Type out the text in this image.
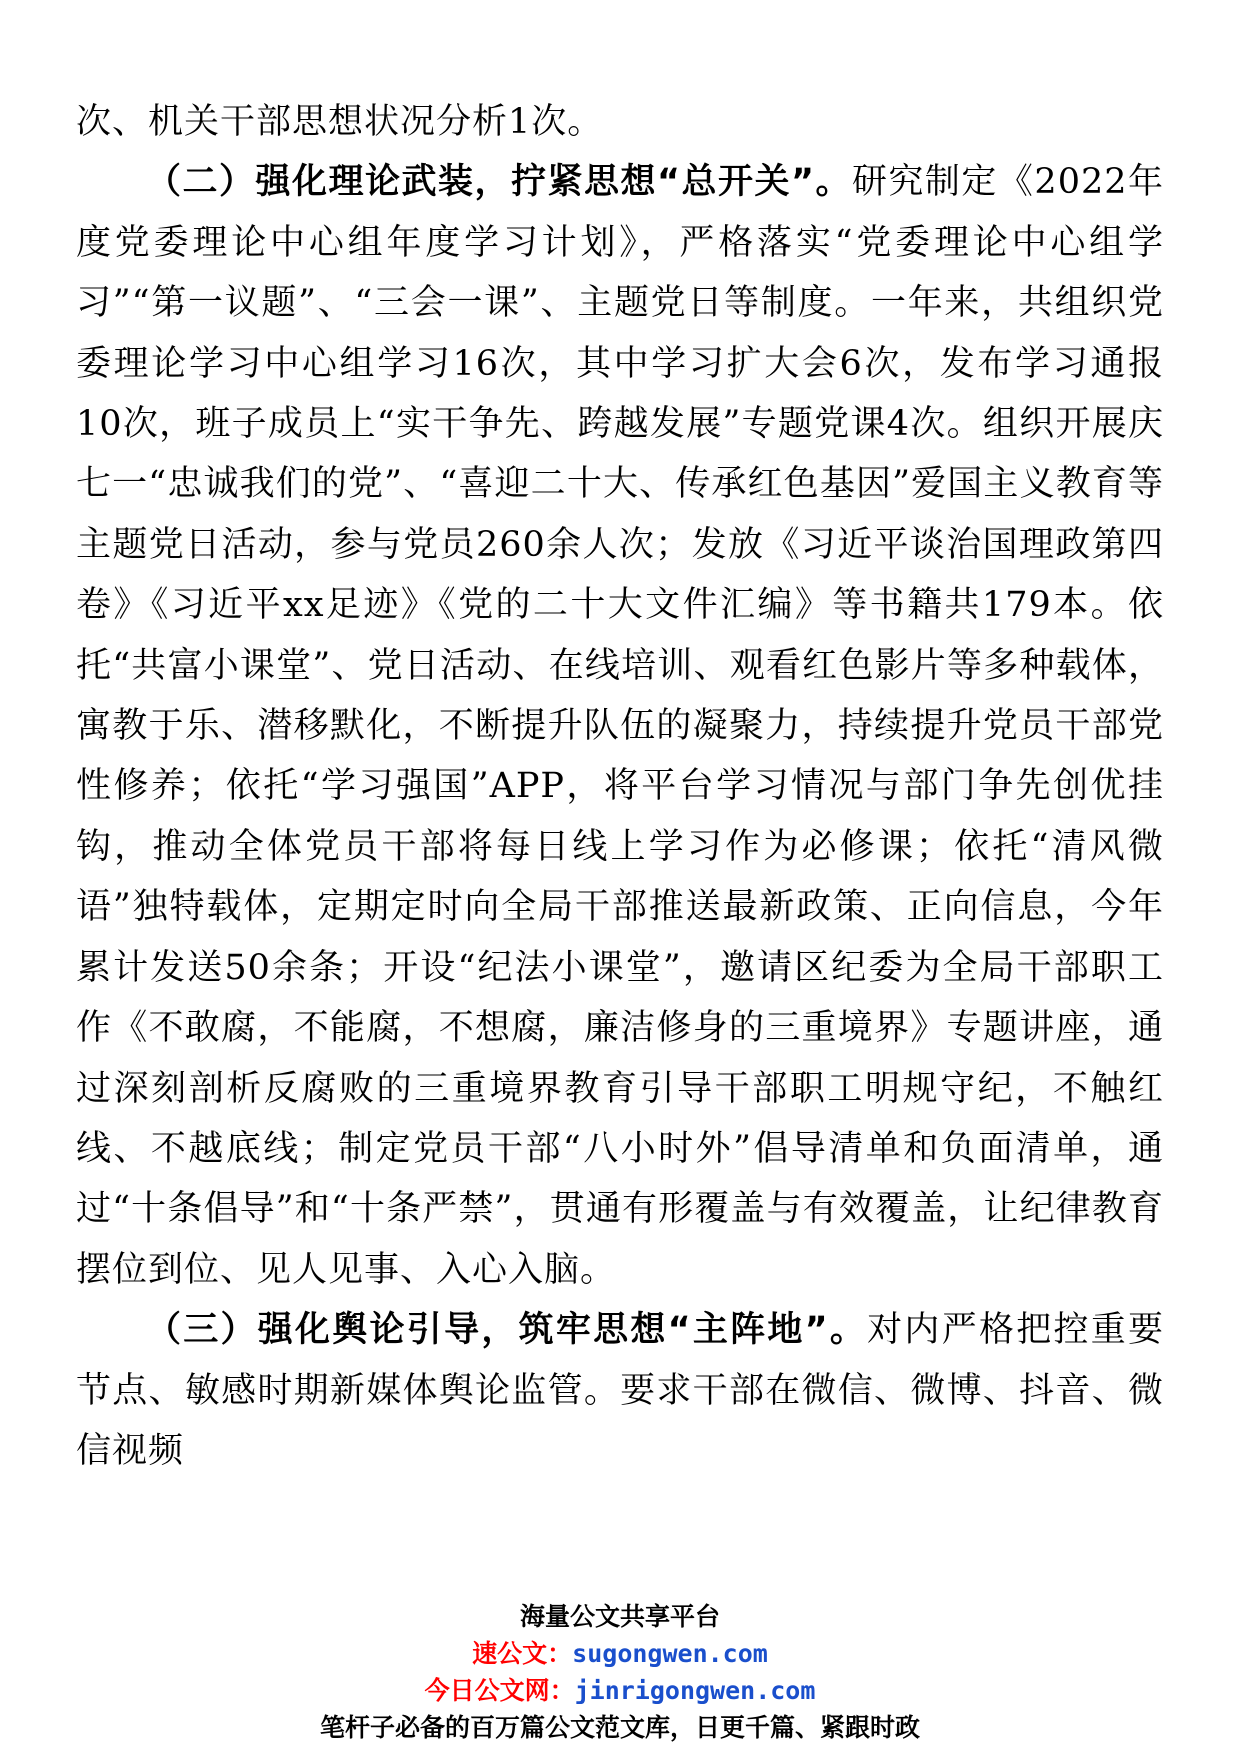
次、机关干部思想状况分析1次。

（二）强化理论武装，拧紧思想“总开关”。研究制定《2022年度党委理论中心组年度学习计划》，严格落实“党委理论中心组学习”“第一议题”、“三会一课”、主题党日等制度。一年来，共组织党委理论学习中心组学习16次，其中学习扩大会6次，发布学习通报10次，班子成员上“实干争先、跨越发展”专题党课4次。组织开展庆七一“忠诚我们的党”、“喜迎二十大、传承红色基因”爱国主义教育等主题党日活动，参与党员260余人次；发放《习近平谈治国理政第四卷》《习近平xx足迹》《党的二十大文件汇编》等书籍共179本。依托“共富小课堂”、党日活动、在线培训、观看红色影片等多种载体，寓教于乐、潜移默化，不断提升队伍的凝聚力，持续提升党员干部党性修养；依托“学习强国”APP，将平台学习情况与部门争先创优挂钩，推动全体党员干部将每日线上学习作为必修课；依托“清风微语”独特载体，定期定时向全局干部推送最新政策、正向信息，今年累计发送50余条；开设“纪法小课堂”，邀请区纪委为全局干部职工作《不敢腐，不能腐，不想腐，廉洁修身的三重境界》专题讲座，通过深刻剖析反腐败的三重境界教育引导干部职工明规守纪，不触红线、不越底线；制定党员干部“八小时外”倡导清单和负面清单，通过“十条倡导”和“十条严禁”，贯通有形覆盖与有效覆盖，让纪律教育摆位到位、见人见事、入心入脑。

（三）强化舆论引导，筑牢思想“主阵地”。对内严格把控重要节点、敏感时期新媒体舆论监管。要求干部在微信、微博、抖音、微信视频

海量公文共享平台
速公文：sugongwen.com
今日公文网：jinrigongwen.com
笔杆子必备的百万篇公文范文库，日更千篇、紧跟时政
